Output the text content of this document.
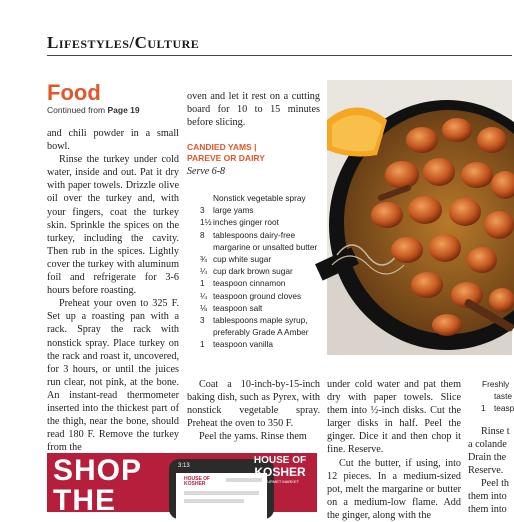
Lifestyles/Culture
Food
Continued from Page 19

and chili powder in a small bowl.

Rinse the turkey under cold water, inside and out. Pat it dry with paper towels. Drizzle olive oil over the turkey and, with your fingers, coat the turkey skin. Sprinkle the spices on the turkey, including the cavity. Then rub in the spices. Lightly cover the turkey with aluminum foil and refrigerate for 3-6 hours before roasting.

Preheat your oven to 325 F. Set up a roasting pan with a rack. Spray the rack with nonstick spray. Place turkey on the rack and roast it, uncovered, for 3 hours, or until the juices run clear, not pink, at the bone. An instant-read thermometer inserted into the thickest part of the thigh, near the bone, should read 180 F. Remove the turkey from the

oven and let it rest on a cutting board for 10 to 15 minutes before slicing.

CANDIED YAMS |
PAREVE OR DAIRY
Serve 6-8
Nonstick vegetable spray
3	large yams
1½ inches ginger root
8	tablespoons dairy-free margarine or unsalted butter
¾ cup white sugar
¼ cup dark brown sugar
1	teaspoon cinnamon
¼ teaspoon ground cloves
⅛ teaspoon salt
3	tablespoons maple syrup, preferably Grade A Amber
1	teaspoon vanilla

Coat a 10-inch-by-15-inch baking dish, such as Pyrex, with nonstick vegetable spray. Preheat the oven to 350 F.

Peel the yams. Rinse them

under cold water and pat them dry with paper towels. Slice them into ½-inch disks. Cut the larger disks in half. Peel the ginger. Dice it and then chop it fine. Reserve.

Cut the butter, if using, into 12 pieces. In a medium-sized pot, melt the margarine or butter on a medium-low flame. Add the ginger, along with the

Freshly
taste
1 teasp
Rinse t
a colande
Drain the
Reserve.
Peel th
them into
them into
SHOP
THE
3:13
HOUSE OF
KOSHER
HOUSE OF
KOSHER
GOURMET MARKET
